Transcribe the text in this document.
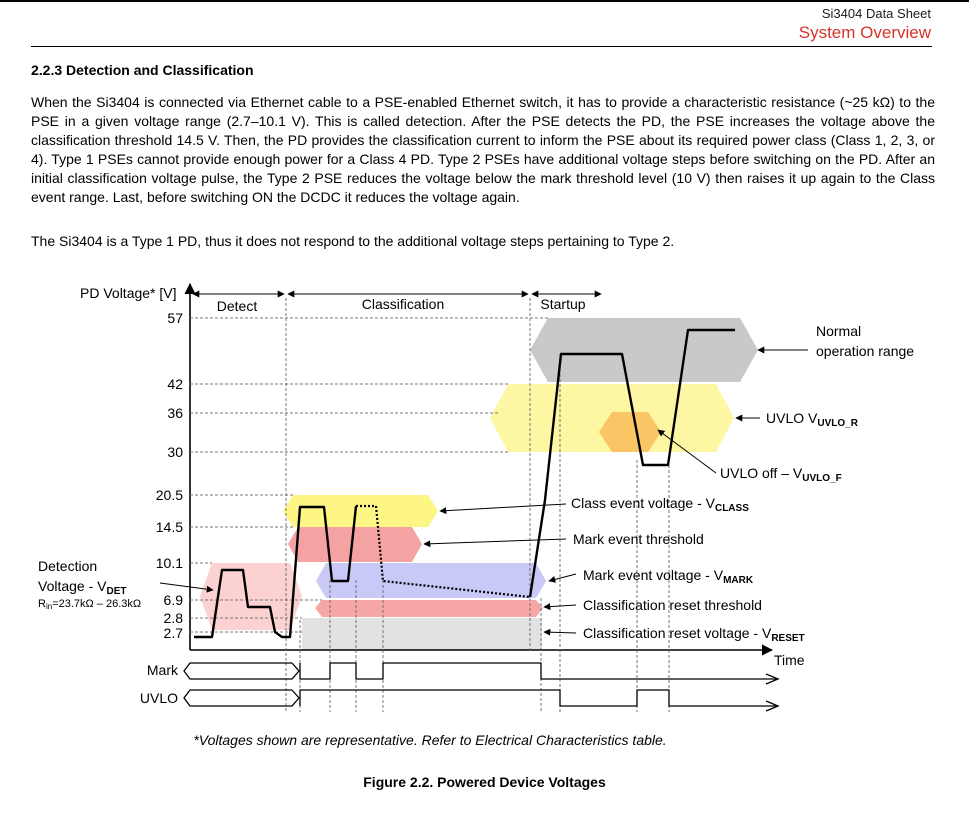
Si3404 Data Sheet
System Overview
2.2.3 Detection and Classification
When the Si3404 is connected via Ethernet cable to a PSE-enabled Ethernet switch, it has to provide a characteristic resistance (~25 kΩ) to the PSE in a given voltage range (2.7–10.1 V). This is called detection. After the PSE detects the PD, the PSE increases the voltage above the classification threshold 14.5 V. Then, the PD provides the classification current to inform the PSE about its required power class (Class 1, 2, 3, or 4). Type 1 PSEs cannot provide enough power for a Class 4 PD. Type 2 PSEs have additional voltage steps before switching on the PD. After an initial classification voltage pulse, the Type 2 PSE reduces the voltage below the mark threshold level (10 V) then raises it up again to the Class event range. Last, before switching ON the DCDC it reduces the voltage again.
The Si3404 is a Type 1 PD, thus it does not respond to the additional voltage steps pertaining to Type 2.
Detect	Classification	Startup
PD Voltage* [V]
Time
57
42
36
30
20.5
14.5
10.1
6.9
2.8
2.7
Normal
operation range
UVLO $V_{UVLO\_R}$
UVLO off – $V_{UVLO\_F}$
Class event voltage - $V_{CLASS}$
Mark event threshold
Mark event voltage - $V_{MARK}$
Classification reset threshold
Classification reset voltage - $V_{RESET}$
Detection
Voltage - $V_{DET}$
Rin=23.7kΩ – 26.3kΩ
Mark
UVLO
*Voltages shown are representative. Refer to Electrical Characteristics table.
Figure 2.2. Powered Device Voltages
